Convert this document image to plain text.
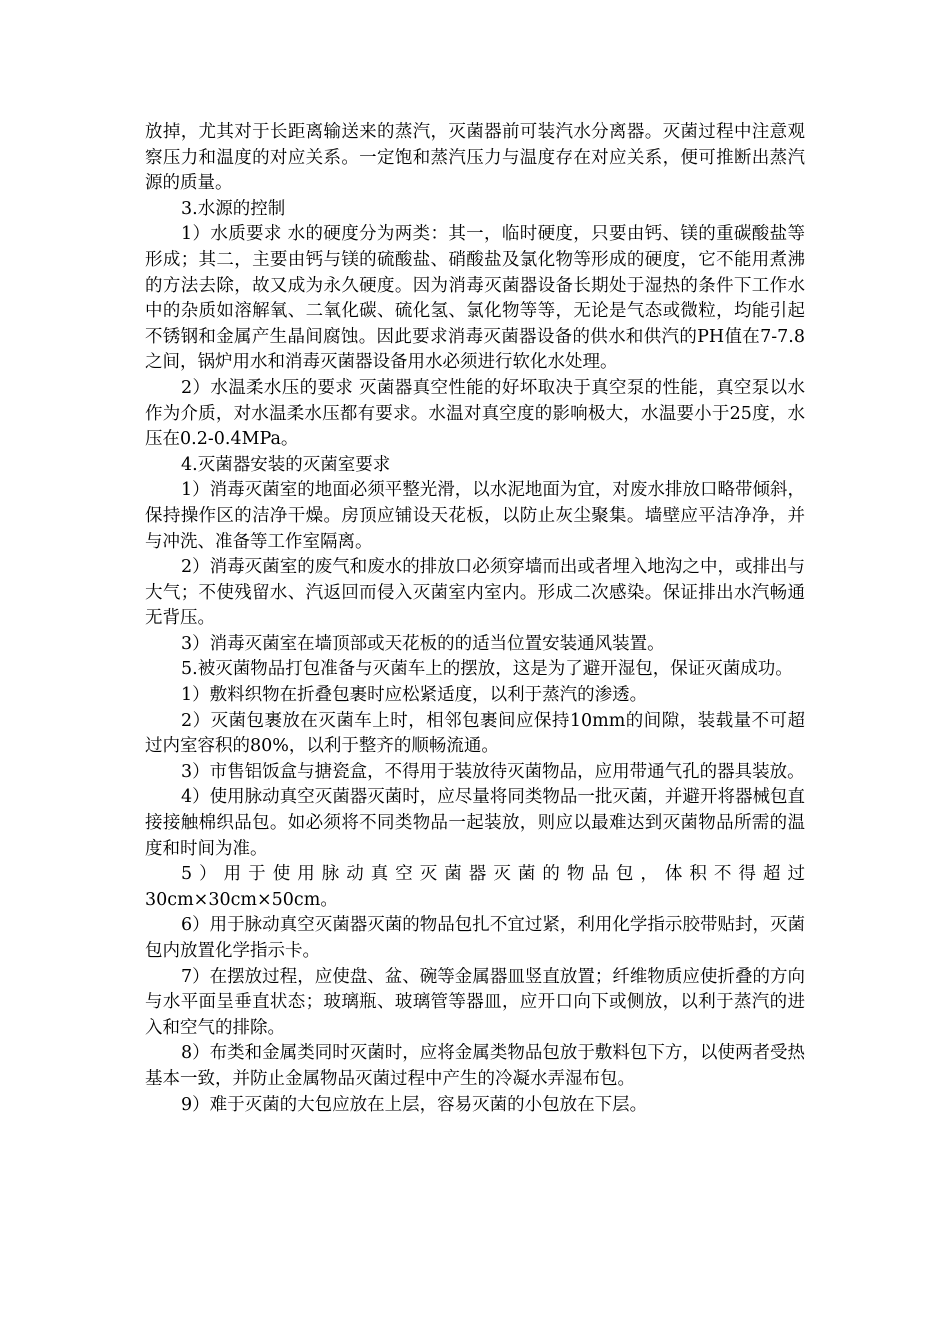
放掉，尤其对于长距离输送来的蒸汽，灭菌器前可装汽水分离器。灭菌过程中注意观察压力和温度的对应关系。一定饱和蒸汽压力与温度存在对应关系，便可推断出蒸汽源的质量。

3.水源的控制

1）水质要求 水的硬度分为两类：其一，临时硬度，只要由钙、镁的重碳酸盐等形成；其二，主要由钙与镁的硫酸盐、硝酸盐及氯化物等形成的硬度，它不能用煮沸的方法去除，故又成为永久硬度。因为消毒灭菌器设备长期处于湿热的条件下工作水中的杂质如溶解氧、二氧化碳、硫化氢、氯化物等等，无论是气态或微粒，均能引起不锈钢和金属产生晶间腐蚀。因此要求消毒灭菌器设备的供水和供汽的PH值在7-7.8之间，锅炉用水和消毒灭菌器设备用水必须进行软化水处理。

2）水温柔水压的要求 灭菌器真空性能的好坏取决于真空泵的性能，真空泵以水作为介质，对水温柔水压都有要求。水温对真空度的影响极大，水温要小于25度，水压在0.2-0.4MPa。

4.灭菌器安装的灭菌室要求

1）消毒灭菌室的地面必须平整光滑，以水泥地面为宜，对废水排放口略带倾斜，保持操作区的洁净干燥。房顶应铺设天花板，以防止灰尘聚集。墙壁应平洁净净，并与冲洗、准备等工作室隔离。

2）消毒灭菌室的废气和废水的排放口必须穿墙而出或者埋入地沟之中，或排出与大气；不使残留水、汽返回而侵入灭菌室内室内。形成二次感染。保证排出水汽畅通无背压。

3）消毒灭菌室在墙顶部或天花板的的适当位置安装通风装置。

5.被灭菌物品打包准备与灭菌车上的摆放，这是为了避开湿包，保证灭菌成功。

1）敷料织物在折叠包裹时应松紧适度，以利于蒸汽的渗透。

2）灭菌包裹放在灭菌车上时，相邻包裹间应保持10mm的间隙，装载量不可超过内室容积的80%，以利于整齐的顺畅流通。

3）市售铝饭盒与搪瓷盒，不得用于装放待灭菌物品，应用带通气孔的器具装放。

4）使用脉动真空灭菌器灭菌时，应尽量将同类物品一批灭菌，并避开将器械包直接接触棉织品包。如必须将不同类物品一起装放，则应以最难达到灭菌物品所需的温度和时间为准。

5）用于使用脉动真空灭菌器灭菌的物品包，体积不得超过30cm×30cm×50cm。

6）用于脉动真空灭菌器灭菌的物品包扎不宜过紧，利用化学指示胶带贴封，灭菌包内放置化学指示卡。

7）在摆放过程，应使盘、盆、碗等金属器皿竖直放置；纤维物质应使折叠的方向与水平面呈垂直状态；玻璃瓶、玻璃管等器皿，应开口向下或侧放，以利于蒸汽的进入和空气的排除。

8）布类和金属类同时灭菌时，应将金属类物品包放于敷料包下方，以使两者受热基本一致，并防止金属物品灭菌过程中产生的冷凝水弄湿布包。

9）难于灭菌的大包应放在上层，容易灭菌的小包放在下层。
